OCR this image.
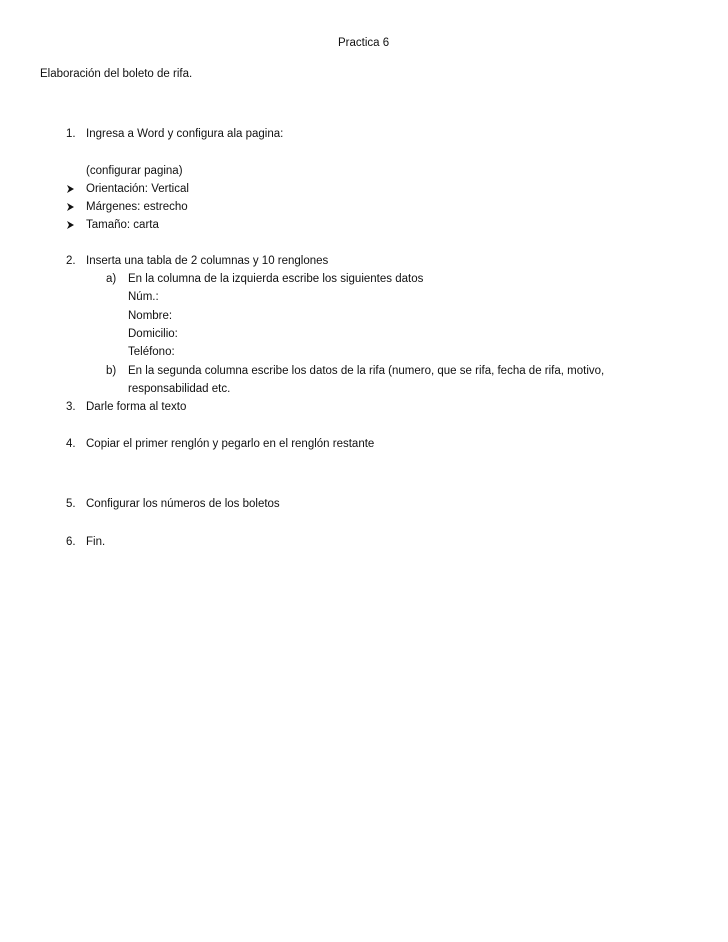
Practica 6
Elaboración del boleto de rifa.
1. Ingresa a Word y configura ala pagina:
(configurar pagina)
Orientación: Vertical
Márgenes: estrecho
Tamaño: carta
2. Inserta una tabla de 2 columnas y 10 renglones
a) En la columna de la izquierda escribe los siguientes datos
Núm.:
Nombre:
Domicilio:
Teléfono:
b) En la segunda columna escribe los datos de la rifa (numero, que se rifa, fecha de rifa, motivo,
responsabilidad etc.
3. Darle forma al texto
4. Copiar el primer renglón y pegarlo en el renglón restante
5. Configurar los números de los boletos
6. Fin.
